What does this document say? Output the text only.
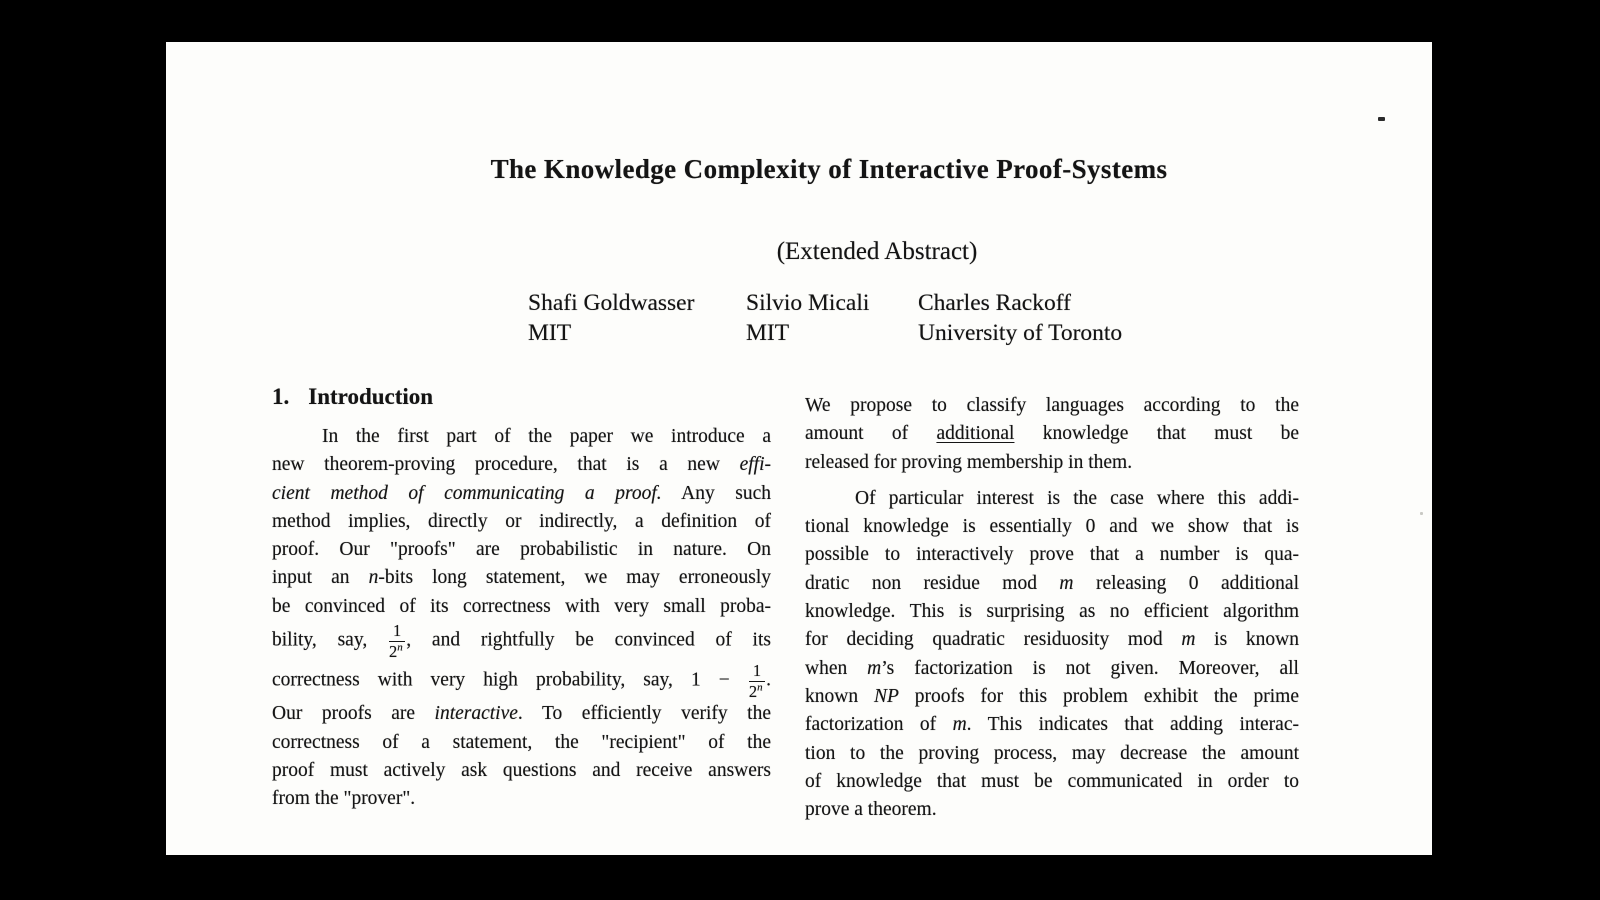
The Knowledge Complexity of Interactive Proof-Systems
(Extended Abstract)
Shafi Goldwasser
MIT
Silvio Micali
MIT
Charles Rackoff
University of Toronto
1. Introduction
In the first part of the paper we introduce a
new theorem-proving procedure, that is a new effi-
cient method of communicating a proof. Any such
method implies, directly or indirectly, a definition of
proof. Our "proofs" are probabilistic in nature. On
input an n-bits long statement, we may erroneously
be convinced of its correctness with very small proba-
bility, say, $\frac{1}{2^n}$ , and rightfully be convinced of its
correctness with very high probability, say, $1 - \frac{1}{2^n}$ .
Our proofs are interactive. To efficiently verify the
correctness of a statement, the "recipient" of the
proof must actively ask questions and receive answers
from the "prover".
We propose to classify languages according to the
amount of additional knowledge that must be
released for proving membership in them.
Of particular interest is the case where this addi-
tional knowledge is essentially 0 and we show that is
possible to interactively prove that a number is qua-
dratic non residue mod m releasing 0 additional
knowledge. This is surprising as no efficient algorithm
for deciding quadratic residuosity mod m is known
when m’s factorization is not given. Moreover, all
known NP proofs for this problem exhibit the prime
factorization of m. This indicates that adding interac-
tion to the proving process, may decrease the amount
of knowledge that must be communicated in order to
prove a theorem.
